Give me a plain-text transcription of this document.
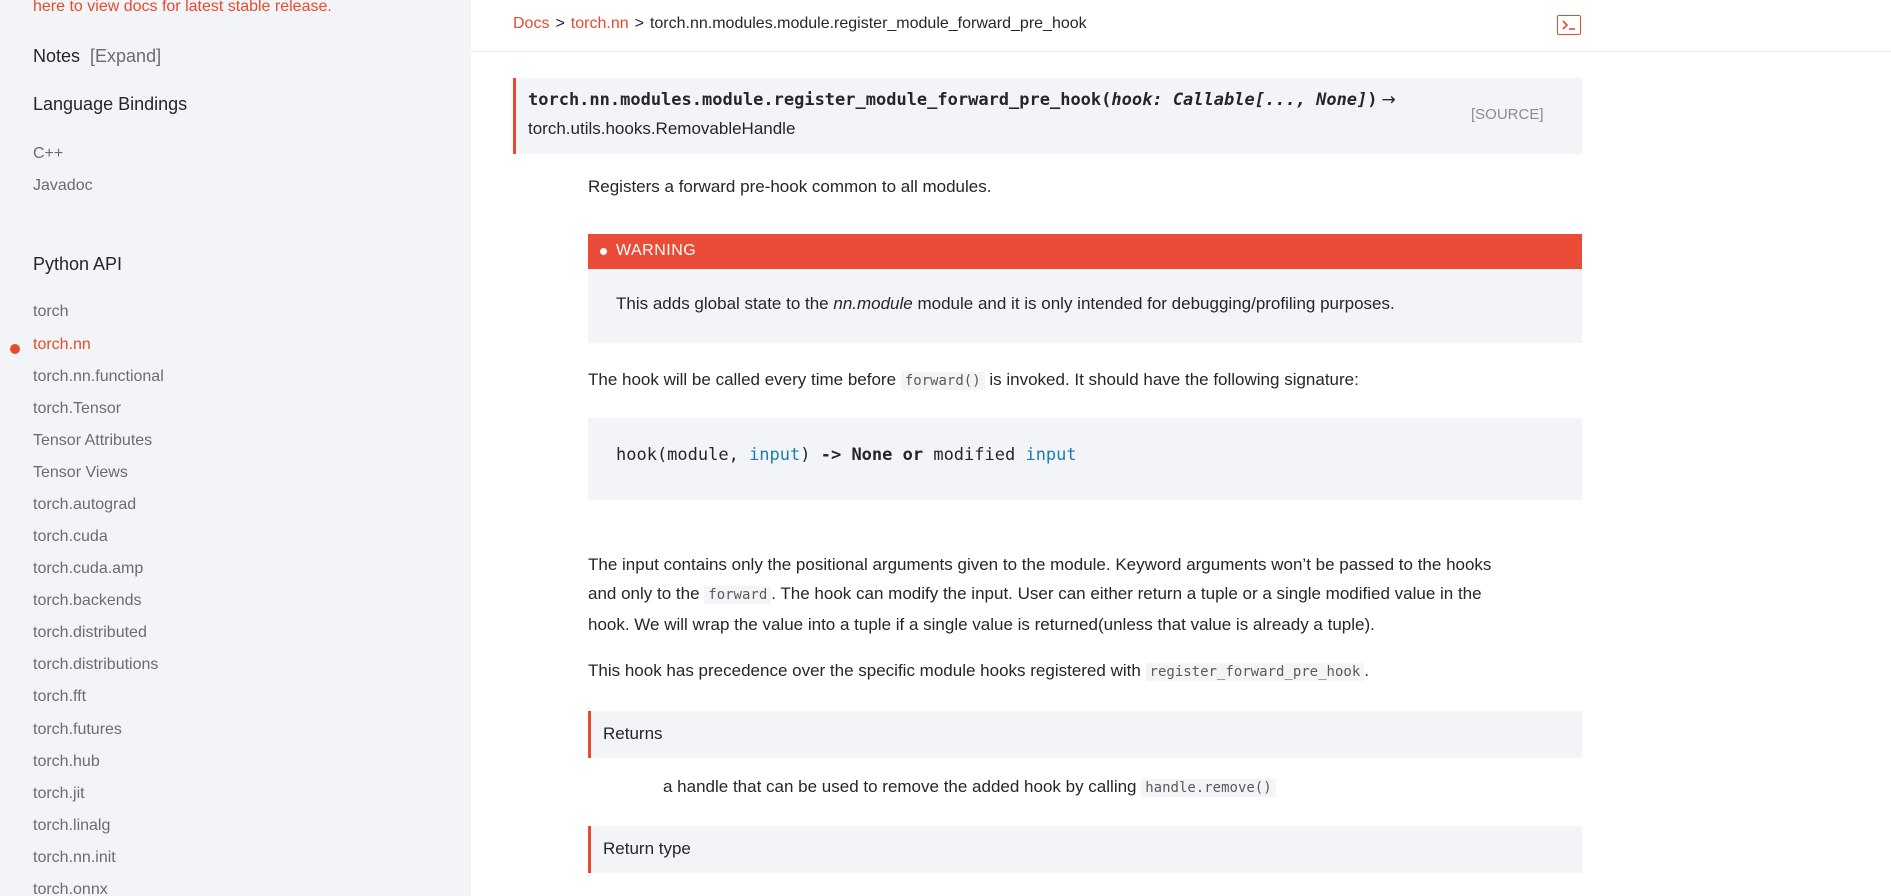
here to view docs for latest stable release.
Notes [Expand]
Language Bindings
C++
Javadoc
Python API
torch
torch.nn
torch.nn.functional
torch.Tensor
Tensor Attributes
Tensor Views
torch.autograd
torch.cuda
torch.cuda.amp
torch.backends
torch.distributed
torch.distributions
torch.fft
torch.futures
torch.hub
torch.jit
torch.linalg
torch.nn.init
torch.onnx
Docs > torch.nn > torch.nn.modules.module.register_module_forward_pre_hook
torch.nn.modules.module.register_module_forward_pre_hook(hook: Callable[..., None]) →
torch.utils.hooks.RemovableHandle
[SOURCE]

Registers a forward pre-hook common to all modules.

WARNING
This adds global state to the nn.module module and it is only intended for debugging/profiling purposes.

The hook will be called every time before forward() is invoked. It should have the following signature:

hook(module, input) -> None or modified input
The input contains only the positional arguments given to the module. Keyword arguments won’t be passed to the hooks
and only to the forward . The hook can modify the input. User can either return a tuple or a single modified value in the
hook. We will wrap the value into a tuple if a single value is returned(unless that value is already a tuple).

This hook has precedence over the specific module hooks registered with register_forward_pre_hook .

Returns

a handle that can be used to remove the added hook by calling handle.remove()

Return type
